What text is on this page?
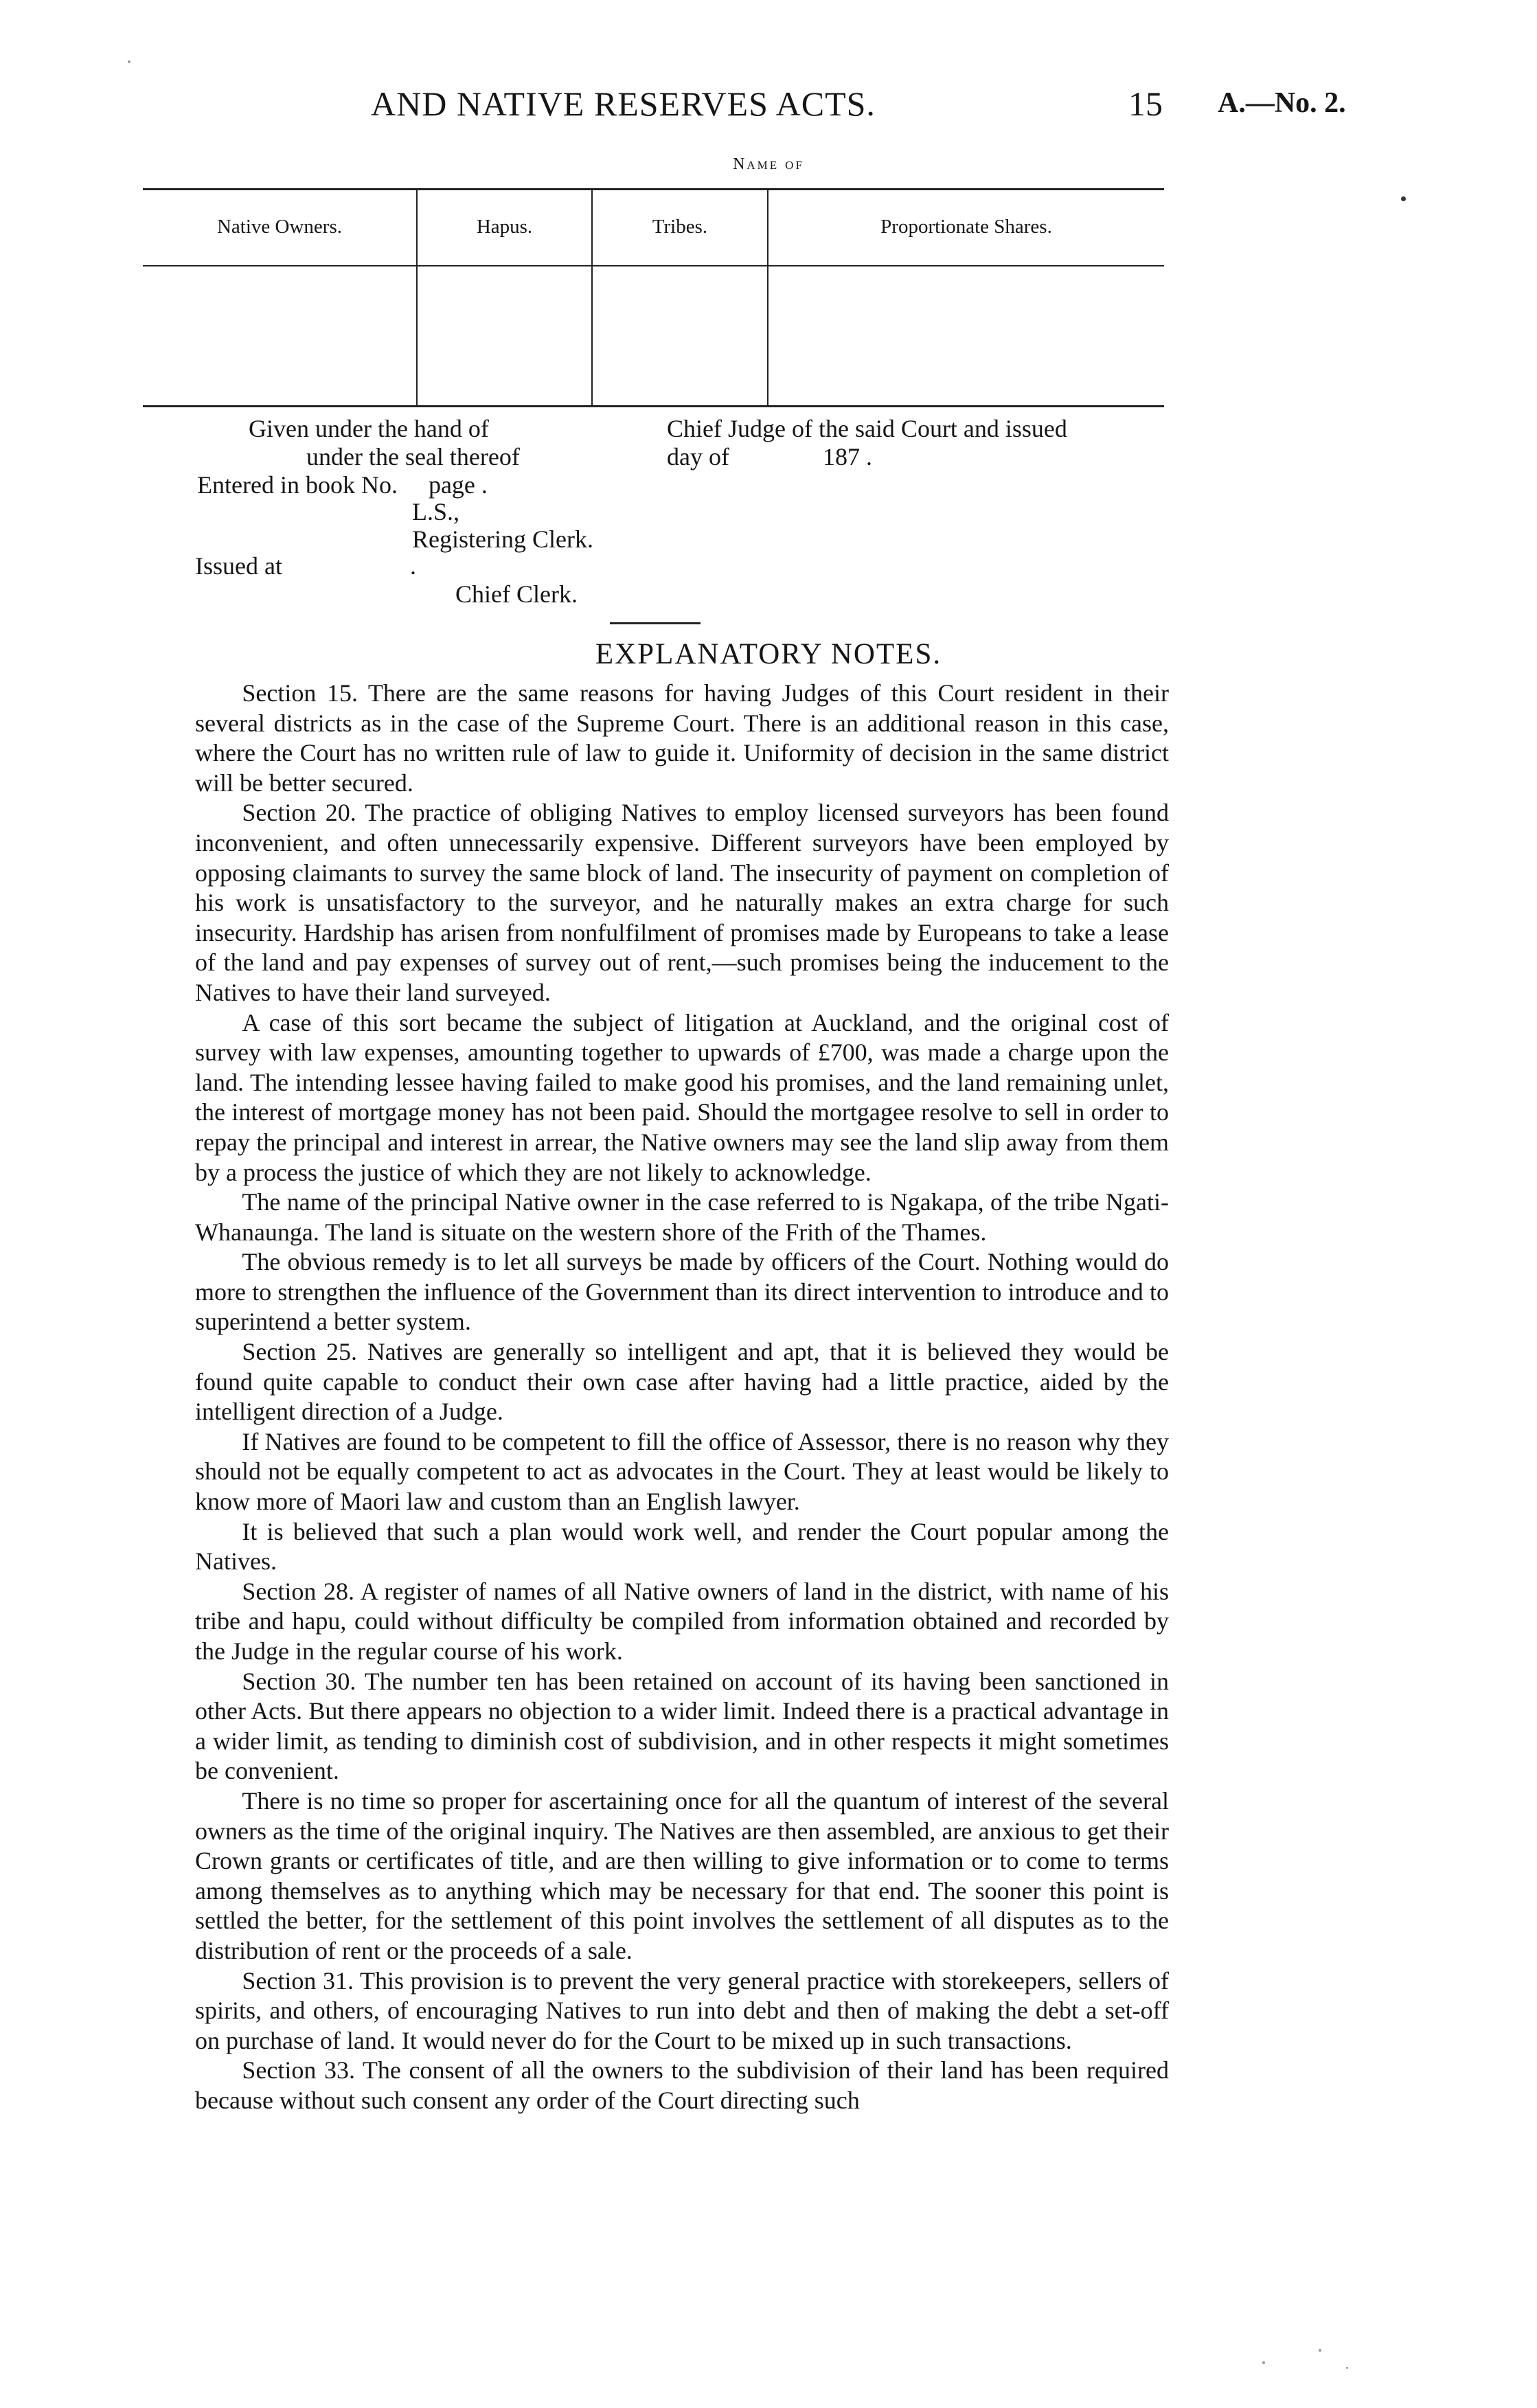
AND NATIVE RESERVES ACTS.	15 A.—No. 2.
Name of
Native Owners.	Hapus.	Tribes.	Proportionate Shares.
Given under the hand of	Chief Judge of the said Court and issued
under the seal thereof	day of	187 .
Entered in book No.     page .
L.S.,
Registering Clerk.
Issued at	.
Chief Clerk.
EXPLANATORY NOTES.

Section 15. There are the same reasons for having Judges of this Court resident in their several districts as in the case of the Supreme Court. There is an additional reason in this case, where the Court has no written rule of law to guide it. Uniformity of decision in the same district will be better secured.

Section 20. The practice of obliging Natives to employ licensed surveyors has been found inconvenient, and often unnecessarily expensive. Different surveyors have been employed by opposing claimants to survey the same block of land. The insecurity of payment on completion of his work is unsatisfactory to the surveyor, and he naturally makes an extra charge for such insecurity. Hardship has arisen from nonfulfilment of promises made by Europeans to take a lease of the land and pay expenses of survey out of rent,—such promises being the inducement to the Natives to have their land surveyed.

A case of this sort became the subject of litigation at Auckland, and the original cost of survey with law expenses, amounting together to upwards of £700, was made a charge upon the land. The intending lessee having failed to make good his promises, and the land remaining unlet, the interest of mortgage money has not been paid. Should the mortgagee resolve to sell in order to repay the principal and interest in arrear, the Native owners may see the land slip away from them by a process the justice of which they are not likely to acknowledge.

The name of the principal Native owner in the case referred to is Ngakapa, of the tribe Ngati-Whanaunga. The land is situate on the western shore of the Frith of the Thames.

The obvious remedy is to let all surveys be made by officers of the Court. Nothing would do more to strengthen the influence of the Government than its direct intervention to introduce and to superintend a better system.

Section 25. Natives are generally so intelligent and apt, that it is believed they would be found quite capable to conduct their own case after having had a little practice, aided by the intelligent direction of a Judge.

If Natives are found to be competent to fill the office of Assessor, there is no reason why they should not be equally competent to act as advocates in the Court. They at least would be likely to know more of Maori law and custom than an English lawyer.

It is believed that such a plan would work well, and render the Court popular among the Natives.

Section 28. A register of names of all Native owners of land in the district, with name of his tribe and hapu, could without difficulty be compiled from information obtained and recorded by the Judge in the regular course of his work.

Section 30. The number ten has been retained on account of its having been sanctioned in other Acts. But there appears no objection to a wider limit. Indeed there is a practical advantage in a wider limit, as tending to diminish cost of subdivision, and in other respects it might sometimes be convenient.

There is no time so proper for ascertaining once for all the quantum of interest of the several owners as the time of the original inquiry. The Natives are then assembled, are anxious to get their Crown grants or certificates of title, and are then willing to give information or to come to terms among themselves as to anything which may be necessary for that end. The sooner this point is settled the better, for the settlement of this point involves the settlement of all disputes as to the distribution of rent or the proceeds of a sale.

Section 31. This provision is to prevent the very general practice with storekeepers, sellers of spirits, and others, of encouraging Natives to run into debt and then of making the debt a set-off on purchase of land. It would never do for the Court to be mixed up in such transactions.

Section 33. The consent of all the owners to the subdivision of their land has been required because without such consent any order of the Court directing such
